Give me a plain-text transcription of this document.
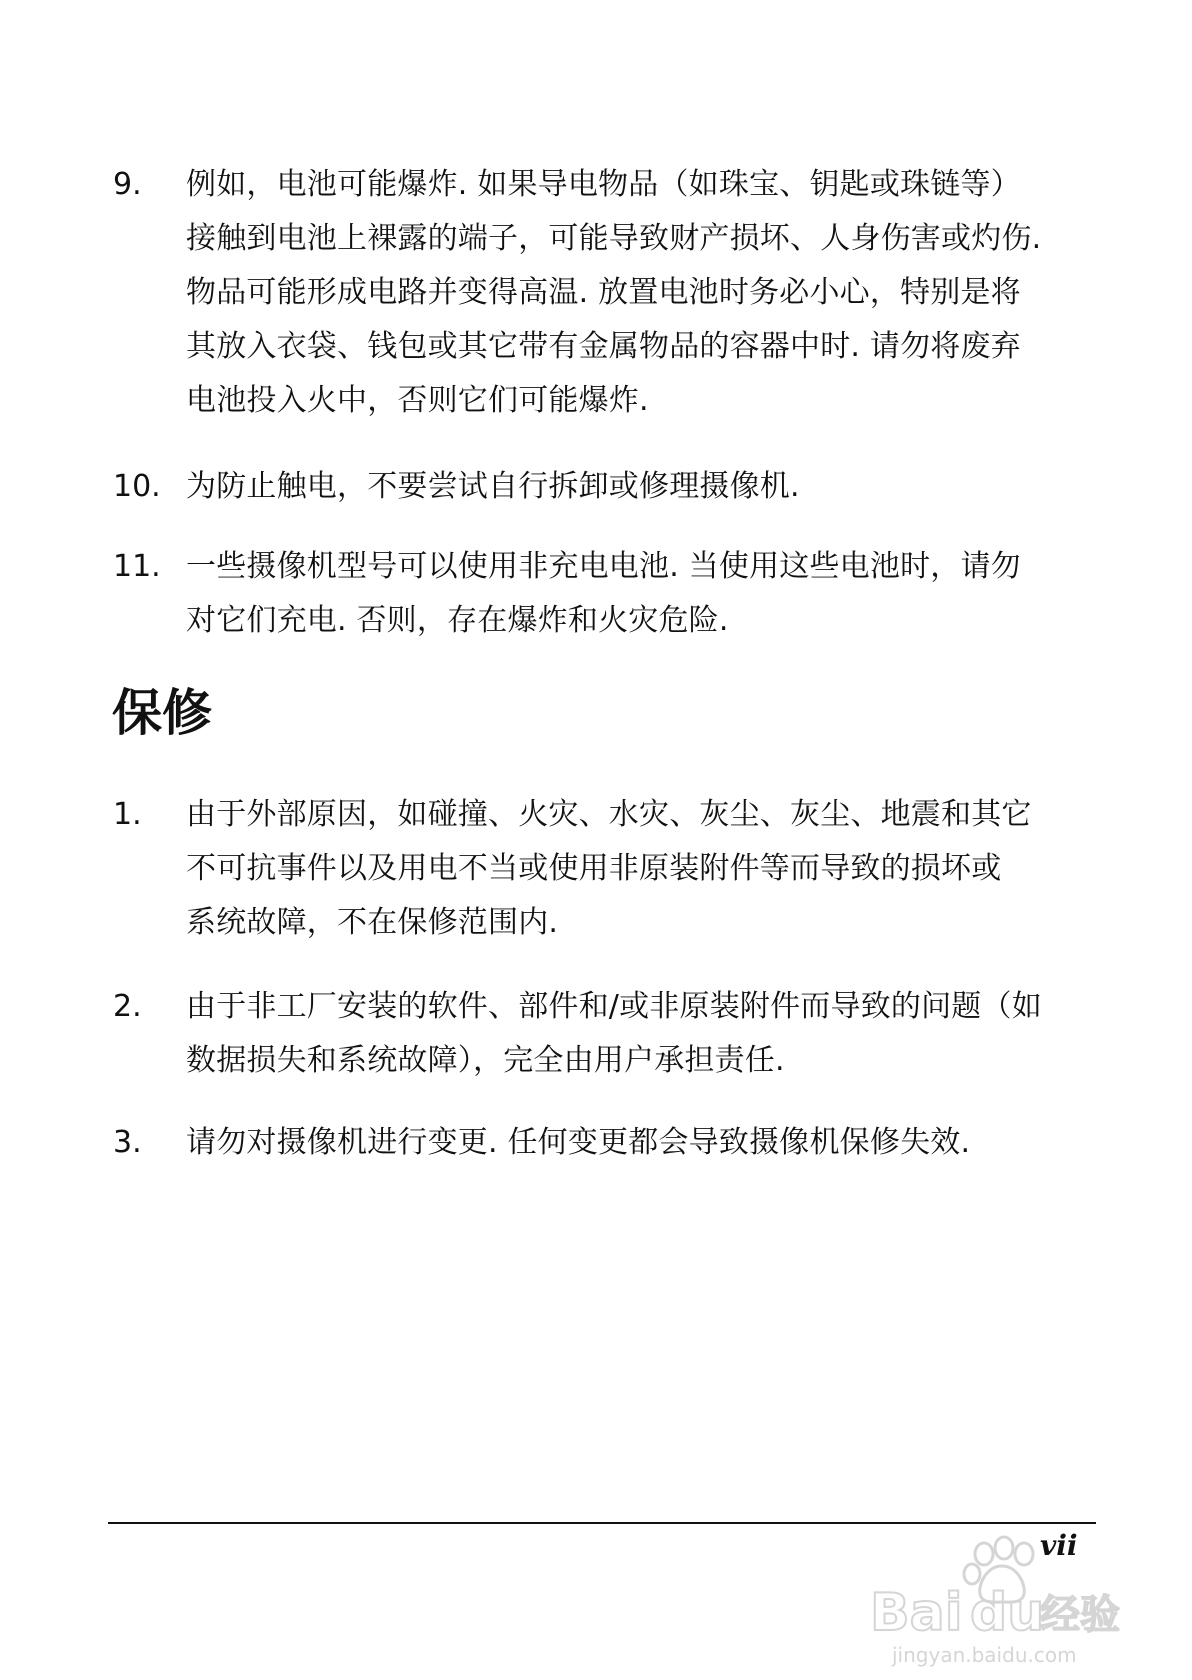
9. 例如，电池可能爆炸. 如果导电物品（如珠宝、钥匙或珠链等）
接触到电池上裸露的端子，可能导致财产损坏、人身伤害或灼伤.
物品可能形成电路并变得高温. 放置电池时务必小心，特别是将
其放入衣袋、钱包或其它带有金属物品的容器中时. 请勿将废弃
电池投入火中，否则它们可能爆炸.
10. 为防止触电，不要尝试自行拆卸或修理摄像机.
11. 一些摄像机型号可以使用非充电电池. 当使用这些电池时，请勿
对它们充电. 否则，存在爆炸和火灾危险.
保修
1. 由于外部原因，如碰撞、火灾、水灾、灰尘、灰尘、地震和其它
不可抗事件以及用电不当或使用非原装附件等而导致的损坏或
系统故障，不在保修范围内.
2. 由于非工厂安装的软件、部件和/或非原装附件而导致的问题（如
数据损失和系统故障），完全由用户承担责任.
3. 请勿对摄像机进行变更. 任何变更都会导致摄像机保修失效.
vii
Bai du
经验
jingyan.baidu.com
